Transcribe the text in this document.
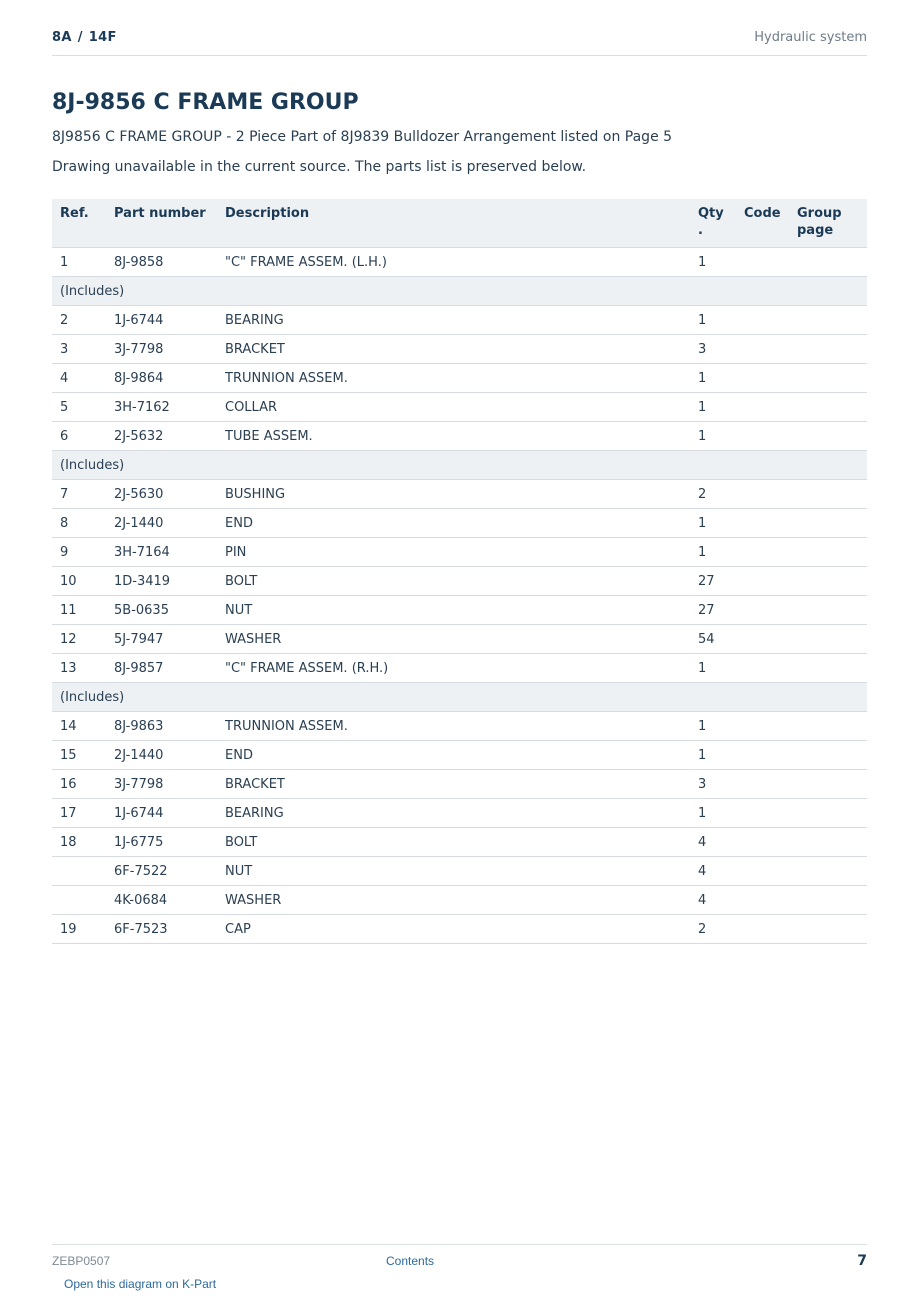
8A / 14F	Hydraulic system
8J-9856 C FRAME GROUP
8J9856 C FRAME GROUP - 2 Piece Part of 8J9839 Bulldozer Arrangement listed on Page 5
Drawing unavailable in the current source. The parts list is preserved below.
Ref.	Part number	Description	Qty .	Code	Group page
1	8J-9858	"C" FRAME ASSEM. (L.H.)	1		
(Includes)					
2	1J-6744	BEARING	1		
3	3J-7798	BRACKET	3		
4	8J-9864	TRUNNION ASSEM.	1		
5	3H-7162	COLLAR	1		
6	2J-5632	TUBE ASSEM.	1		
(Includes)					
7	2J-5630	BUSHING	2		
8	2J-1440	END	1		
9	3H-7164	PIN	1		
10	1D-3419	BOLT	27		
11	5B-0635	NUT	27		
12	5J-7947	WASHER	54		
13	8J-9857	"C" FRAME ASSEM. (R.H.)	1		
(Includes)					
14	8J-9863	TRUNNION ASSEM.	1		
15	2J-1440	END	1		
16	3J-7798	BRACKET	3		
17	1J-6744	BEARING	1		
18	1J-6775	BOLT	4		
	6F-7522	NUT	4		
	4K-0684	WASHER	4		
19	6F-7523	CAP	2		
ZEBP0507	Contents	7
Open this diagram on K-Part
